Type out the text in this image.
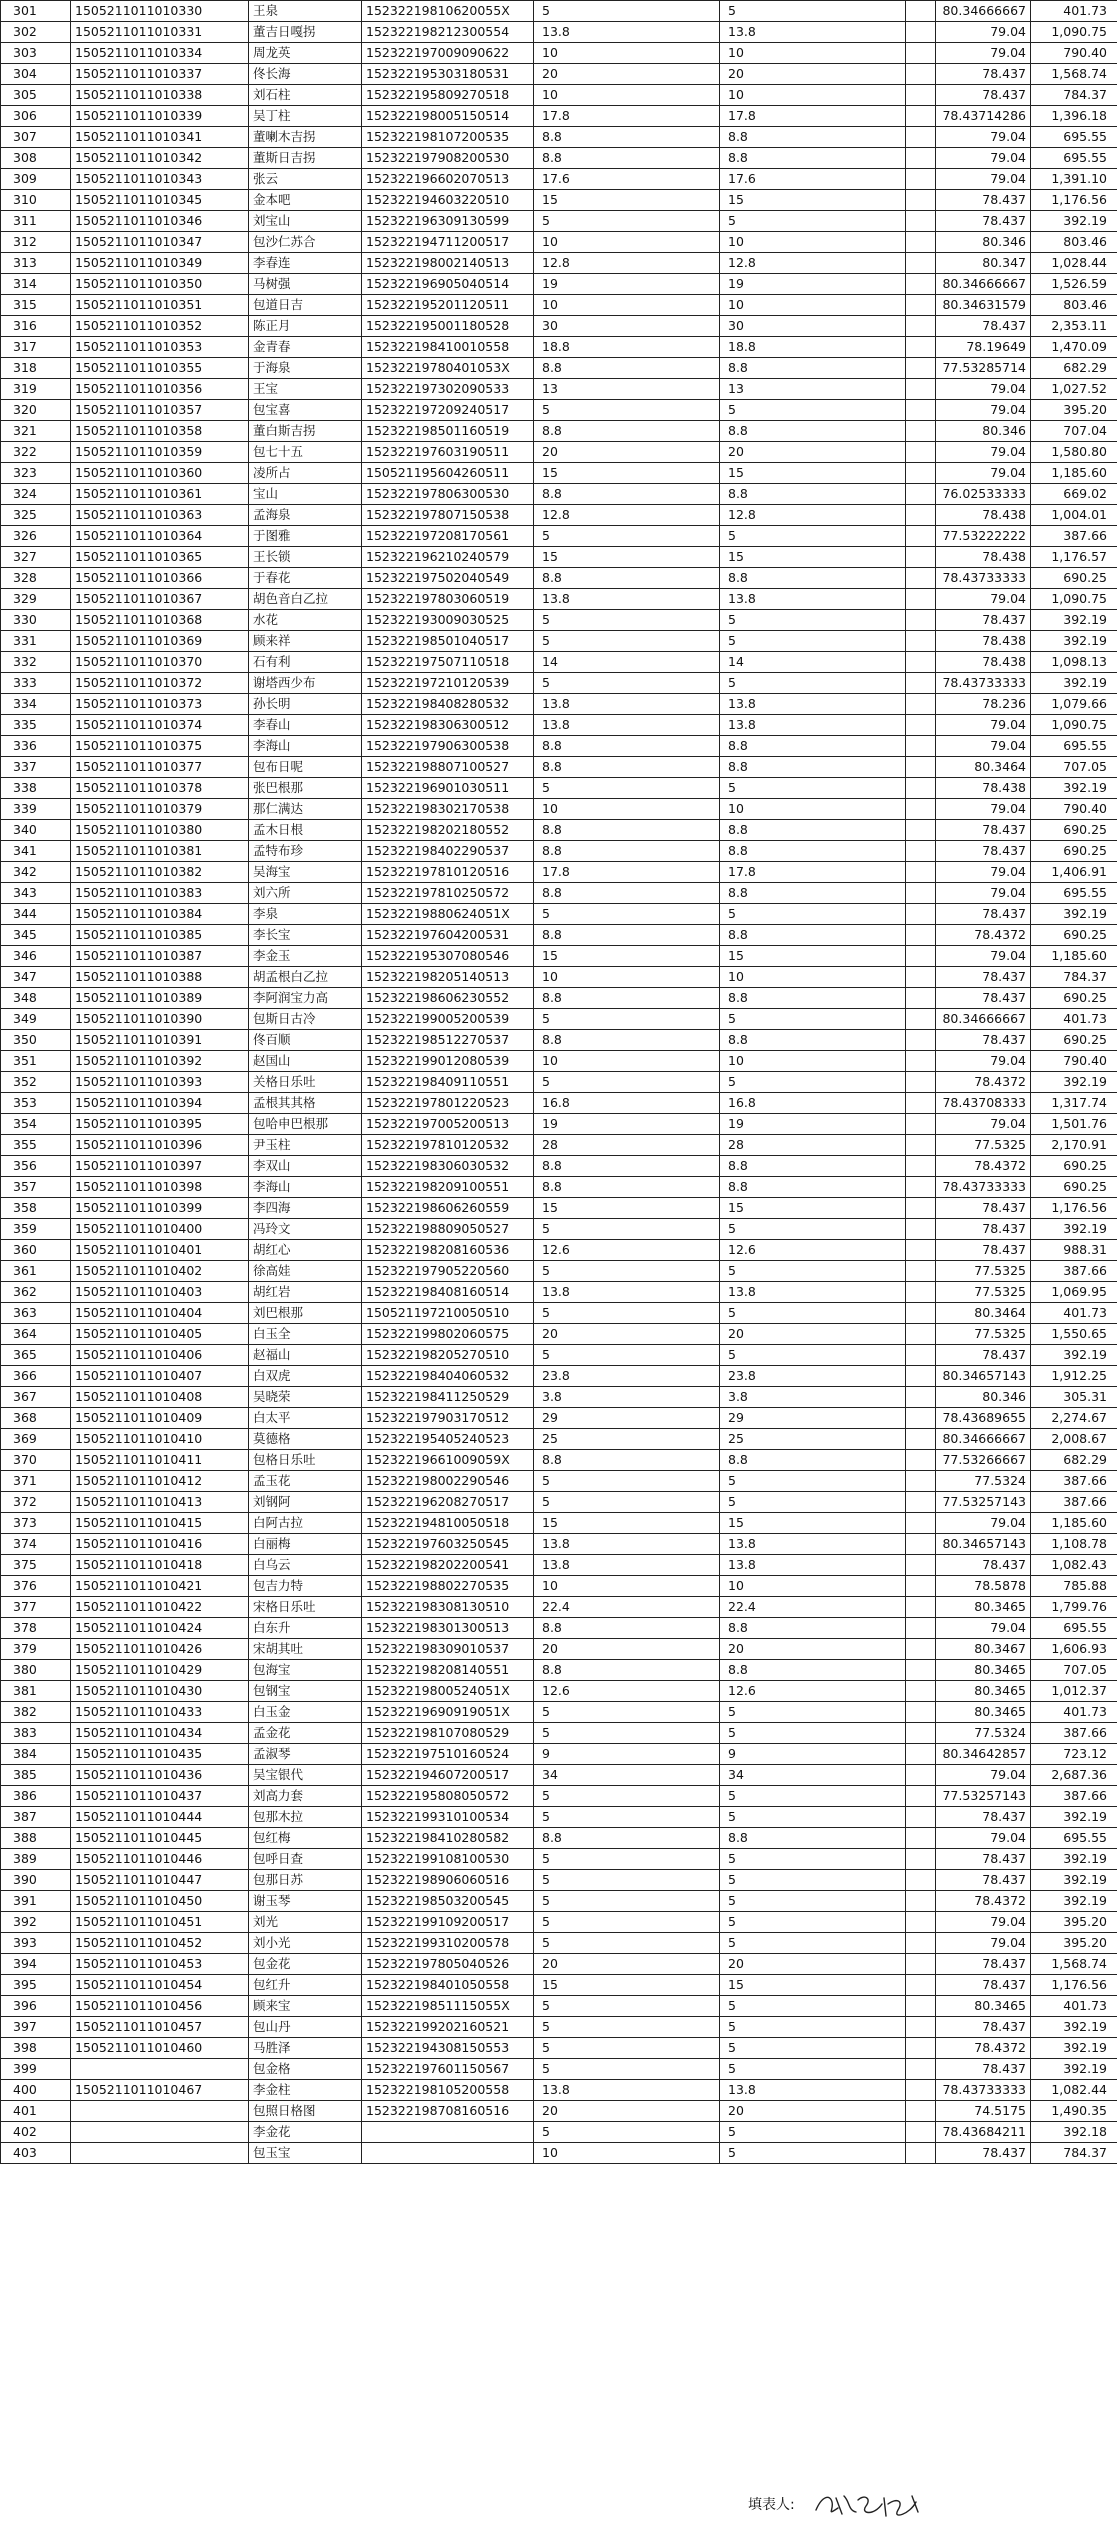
301	150521101101033​0	王泉	152322198106200​55X	5	5		80.34666667	401.73
302	150521101101033​1	董吉日嘎拐	152322198212300​554	13.8	13.8		79.04	1,090.75
303	150521101101033​4	周龙英	152322197009090​622	10	10		79.04	790.40
304	150521101101033​7	佟长海	152322195303180​531	20	20		78.437	1,568.74
305	150521101101033​8	刘石柱	152322195809270​518	10	10		78.437	784.37
306	150521101101033​9	吴丁柱	152322198005150​514	17.8	17.8		78.43714286	1,396.18
307	150521101101034​1	董喇木吉拐	152322198107200​535	8.8	8.8		79.04	695.55
308	150521101101034​2	董斯日吉拐	152322197908200​530	8.8	8.8		79.04	695.55
309	150521101101034​3	张云	152322196602070​513	17.6	17.6		79.04	1,391.10
310	150521101101034​5	金本吧	152322194603220​510	15	15		78.437	1,176.56
311	150521101101034​6	刘宝山	152322196309130​599	5	5		78.437	392.19
312	150521101101034​7	包沙仁苏合	152322194711200​517	10	10		80.346	803.46
313	150521101101034​9	李春连	152322198002140​513	12.8	12.8		80.347	1,028.44
314	150521101101035​0	马树强	152322196905040​514	19	19		80.34666667	1,526.59
315	150521101101035​1	包道日吉	152322195201120​511	10	10		80.34631579	803.46
316	150521101101035​2	陈正月	152322195001180​528	30	30		78.437	2,353.11
317	150521101101035​3	金青春	152322198410010​558	18.8	18.8		78.19649	1,470.09
318	150521101101035​5	于海泉	152322197804010​53X	8.8	8.8		77.53285714	682.29
319	150521101101035​6	王宝	152322197302090​533	13	13		79.04	1,027.52
320	150521101101035​7	包宝喜	152322197209240​517	5	5		79.04	395.20
321	150521101101035​8	董白斯吉拐	152322198501160​519	8.8	8.8		80.346	707.04
322	150521101101035​9	包七十五	152322197603190​511	20	20		79.04	1,580.80
323	150521101101036​0	凌所占	150521195604260​511	15	15		79.04	1,185.60
324	150521101101036​1	宝山	152322197806300​530	8.8	8.8		76.02533333	669.02
325	150521101101036​3	孟海泉	152322197807150​538	12.8	12.8		78.438	1,004.01
326	150521101101036​4	于图雅	152322197208170​561	5	5		77.53222222	387.66
327	150521101101036​5	王长锁	152322196210240​579	15	15		78.438	1,176.57
328	150521101101036​6	于春花	152322197502040​549	8.8	8.8		78.43733333	690.25
329	150521101101036​7	胡色音白乙拉	152322197803060​519	13.8	13.8		79.04	1,090.75
330	150521101101036​8	水花	152322193009030​525	5	5		78.437	392.19
331	150521101101036​9	顾来祥	152322198501040​517	5	5		78.438	392.19
332	150521101101037​0	石有利	152322197507110​518	14	14		78.438	1,098.13
333	150521101101037​2	谢塔西少布	152322197210120​539	5	5		78.43733333	392.19
334	150521101101037​3	孙长明	152322198408280​532	13.8	13.8		78.236	1,079.66
335	150521101101037​4	李春山	152322198306300​512	13.8	13.8		79.04	1,090.75
336	150521101101037​5	李海山	152322197906300​538	8.8	8.8		79.04	695.55
337	150521101101037​7	包布日呢	152322198807100​527	8.8	8.8		80.3464	707.05
338	150521101101037​8	张巴根那	152322196901030​511	5	5		78.438	392.19
339	150521101101037​9	那仁满达	152322198302170​538	10	10		79.04	790.40
340	150521101101038​0	孟木日根	152322198202180​552	8.8	8.8		78.437	690.25
341	150521101101038​1	孟特布珍	152322198402290​537	8.8	8.8		78.437	690.25
342	150521101101038​2	吴海宝	152322197810120​516	17.8	17.8		79.04	1,406.91
343	150521101101038​3	刘六所	152322197810250​572	8.8	8.8		79.04	695.55
344	150521101101038​4	李泉	152322198806240​51X	5	5		78.437	392.19
345	150521101101038​5	李长宝	152322197604200​531	8.8	8.8		78.4372	690.25
346	150521101101038​7	李金玉	152322195307080​546	15	15		79.04	1,185.60
347	150521101101038​8	胡孟根白乙拉	152322198205140​513	10	10		78.437	784.37
348	150521101101038​9	李阿润宝力高	152322198606230​552	8.8	8.8		78.437	690.25
349	150521101101039​0	包斯日古冷	152322199005200​539	5	5		80.34666667	401.73
350	150521101101039​1	佟百顺	152322198512270​537	8.8	8.8		78.437	690.25
351	150521101101039​2	赵国山	152322199012080​539	10	10		79.04	790.40
352	150521101101039​3	关格日乐吐	152322198409110​551	5	5		78.4372	392.19
353	150521101101039​4	孟根其其格	152322197801220​523	16.8	16.8		78.43708333	1,317.74
354	150521101101039​5	包哈申巴根那	152322197005200​513	19	19		79.04	1,501.76
355	150521101101039​6	尹玉柱	152322197810120​532	28	28		77.5325	2,170.91
356	150521101101039​7	李双山	152322198306030​532	8.8	8.8		78.4372	690.25
357	150521101101039​8	李海山	152322198209100​551	8.8	8.8		78.43733333	690.25
358	150521101101039​9	李四海	152322198606260​559	15	15		78.437	1,176.56
359	150521101101040​0	冯玲文	152322198809050​527	5	5		78.437	392.19
360	150521101101040​1	胡红心	152322198208160​536	12.6	12.6		78.437	988.31
361	150521101101040​2	徐高娃	152322197905220​560	5	5		77.5325	387.66
362	150521101101040​3	胡红岩	152322198408160​514	13.8	13.8		77.5325	1,069.95
363	150521101101040​4	刘巴根那	150521197210050​510	5	5		80.3464	401.73
364	150521101101040​5	白玉全	152322199802060​575	20	20		77.5325	1,550.65
365	150521101101040​6	赵福山	152322198205270​510	5	5		78.437	392.19
366	150521101101040​7	白双虎	152322198404060​532	23.8	23.8		80.34657143	1,912.25
367	150521101101040​8	吴晓荣	152322198411250​529	3.8	3.8		80.346	305.31
368	150521101101040​9	白太平	152322197903170​512	29	29		78.43689655	2,274.67
369	150521101101041​0	莫德格	152322195405240​523	25	25		80.34666667	2,008.67
370	150521101101041​1	包格日乐吐	152322196610090​59X	8.8	8.8		77.53266667	682.29
371	150521101101041​2	孟玉花	152322198002290​546	5	5		77.5324	387.66
372	150521101101041​3	刘钢阿	152322196208270​517	5	5		77.53257143	387.66
373	150521101101041​5	白阿古拉	152322194810050​518	15	15		79.04	1,185.60
374	150521101101041​6	白丽梅	152322197603250​545	13.8	13.8		80.34657143	1,108.78
375	150521101101041​8	白乌云	152322198202200​541	13.8	13.8		78.437	1,082.43
376	150521101101042​1	包吉力特	152322198802270​535	10	10		78.5878	785.88
377	150521101101042​2	宋格日乐吐	152322198308130​510	22.4	22.4		80.3465	1,799.76
378	150521101101042​4	白东升	152322198301300​513	8.8	8.8		79.04	695.55
379	150521101101042​6	宋胡其吐	152322198309010​537	20	20		80.3467	1,606.93
380	150521101101042​9	包海宝	152322198208140​551	8.8	8.8		80.3465	707.05
381	150521101101043​0	包钢宝	152322198005240​51X	12.6	12.6		80.3465	1,012.37
382	150521101101043​3	白玉金	152322196909190​51X	5	5		80.3465	401.73
383	150521101101043​4	孟金花	152322198107080​529	5	5		77.5324	387.66
384	150521101101043​5	孟淑琴	152322197510160​524	9	9		80.34642857	723.12
385	150521101101043​6	吴宝银代	152322194607200​517	34	34		79.04	2,687.36
386	150521101101043​7	刘高力套	152322195808050​572	5	5		77.53257143	387.66
387	150521101101044​4	包那木拉	152322199310100​534	5	5		78.437	392.19
388	150521101101044​5	包红梅	152322198410280​582	8.8	8.8		79.04	695.55
389	150521101101044​6	包呼日查	152322199108100​530	5	5		78.437	392.19
390	150521101101044​7	包那日苏	152322198906060​516	5	5		78.437	392.19
391	150521101101045​0	谢玉琴	152322198503200​545	5	5		78.4372	392.19
392	150521101101045​1	刘光	152322199109200​517	5	5		79.04	395.20
393	150521101101045​2	刘小光	152322199310200​578	5	5		79.04	395.20
394	150521101101045​3	包金花	152322197805040​526	20	20		78.437	1,568.74
395	150521101101045​4	包红升	152322198401050​558	15	15		78.437	1,176.56
396	150521101101045​6	顾来宝	152322198511150​55X	5	5		80.3465	401.73
397	150521101101045​7	包山丹	152322199202160​521	5	5		78.437	392.19
398	150521101101046​0	马胜泽	152322194308150​553	5	5		78.4372	392.19
399		包金格	152322197601150​567	5	5		78.437	392.19
400	150521101101046​7	李金柱	152322198105200​558	13.8	13.8		78.43733333	1,082.44
401		包照日格图	152322198708160​516	20	20		74.5175	1,490.35
402		李金花		5	5		78.43684211	392.18
403		包玉宝		10	5		78.437	784.37
填表人:
